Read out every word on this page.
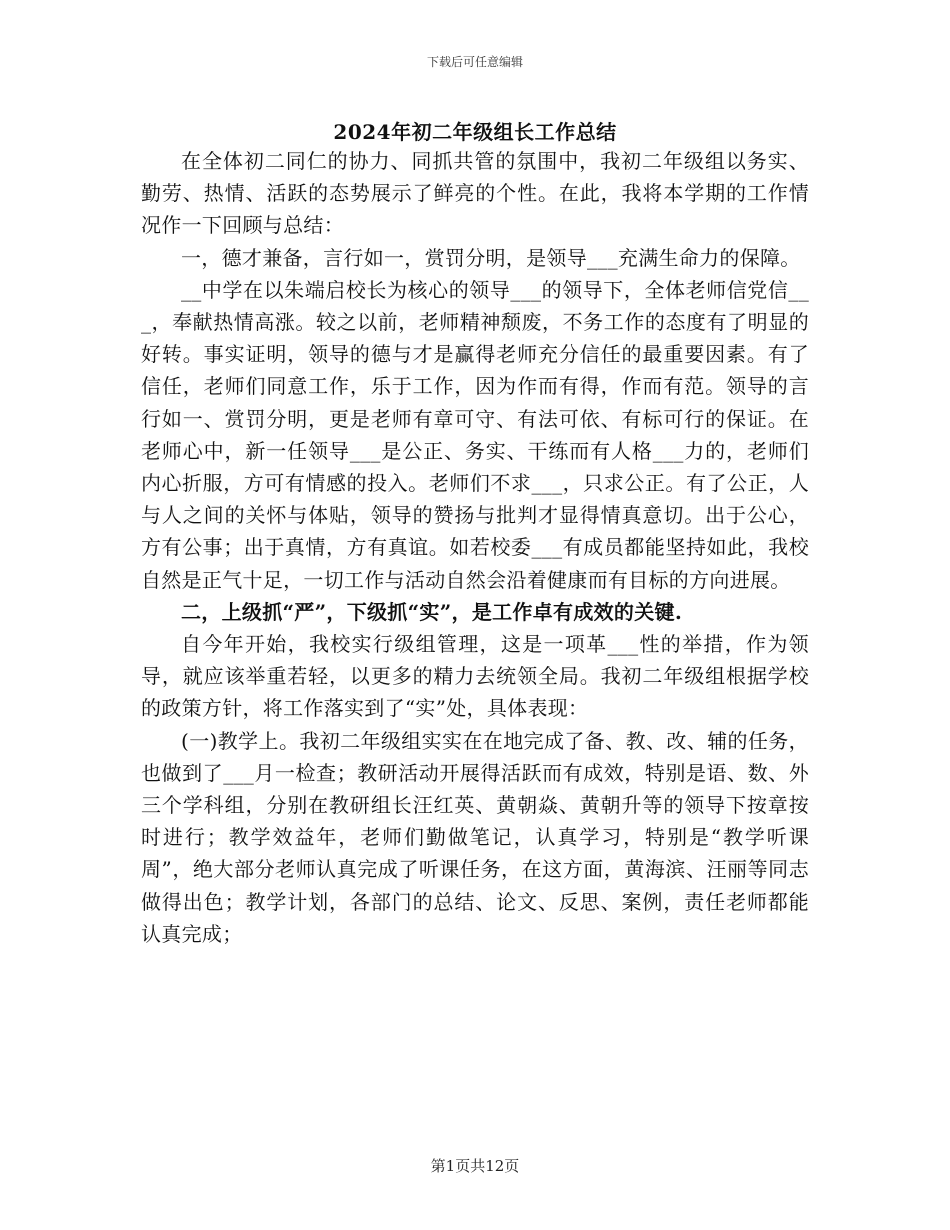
下载后可任意编辑
2024年初二年级组长工作总结

在全体初二同仁的协力、同抓共管的氛围中，我初二年级组以务实、勤劳、热情、活跃的态势展示了鲜亮的个性。在此，我将本学期的工作情况作一下回顾与总结：

一，德才兼备，言行如一，赏罚分明，是领导___充满生命力的保障。

__中学在以朱端启校长为核心的领导___的领导下，全体老师信党信___，奉献热情高涨。较之以前，老师精神颓废，不务工作的态度有了明显的好转。事实证明，领导的德与才是赢得老师充分信任的最重要因素。有了信任，老师们同意工作，乐于工作，因为作而有得，作而有范。领导的言行如一、赏罚分明，更是老师有章可守、有法可依、有标可行的保证。在老师心中，新一任领导___是公正、务实、干练而有人格___力的，老师们内心折服，方可有情感的投入。老师们不求___，只求公正。有了公正，人与人之间的关怀与体贴，领导的赞扬与批判才显得情真意切。出于公心，方有公事；出于真情，方有真谊。如若校委___有成员都能坚持如此，我校自然是正气十足，一切工作与活动自然会沿着健康而有目标的方向进展。

二，上级抓“严”，下级抓“实”，是工作卓有成效的关键.

自今年开始，我校实行级组管理，这是一项革___性的举措，作为领导，就应该举重若轻，以更多的精力去统领全局。我初二年级组根据学校的政策方针，将工作落实到了“实”处，具体表现：

(一)教学上。我初二年级组实实在在地完成了备、教、改、辅的任务，也做到了___月一检查；教研活动开展得活跃而有成效，特别是语、数、外三个学科组，分别在教研组长汪红英、黄朝焱、黄朝升等的领导下按章按时进行；教学效益年，老师们勤做笔记，认真学习，特别是“教学听课周”，绝大部分老师认真完成了听课任务，在这方面，黄海滨、汪丽等同志做得出色；教学计划，各部门的总结、论文、反思、案例，责任老师都能认真完成；

第1页共12页
